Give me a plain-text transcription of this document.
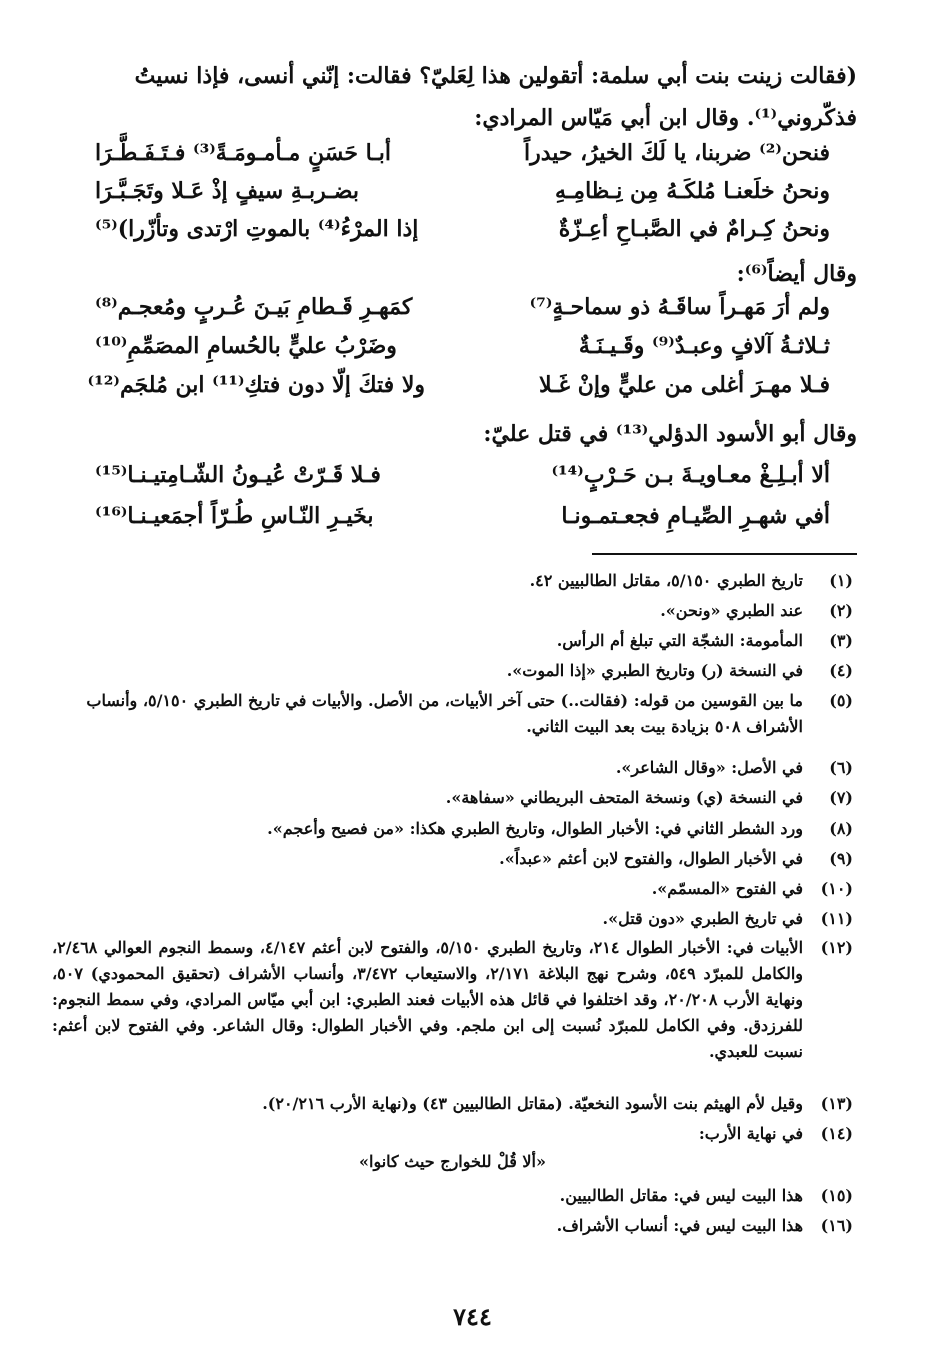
(فقالت زينت بنت أبي سلمة: أتقولين هذا لِعَليّ؟ فقالت: إنّني أنسى، فإذا نسيتُ
فذكّروني⁽¹⁾. وقال ابن أبي مَيّاس المرادي:
فنحن⁽²⁾ ضربنا، يا لَكَ الخيرُ، حيدراً
أبـا حَسَنٍ مـأمـومَـةً⁽³⁾ فـتَـفَـطَّـرَا
ونحنُ خلَعنـا مُلكَـهُ مِن نِـظامِـهِ
بضـربـةِ سيفٍ إذْ عَـلا وتَجَـبَّـرَا
ونحنُ كِـرامٌ في الصَّبـاحِ أعِـزّةٌ
إذا المرْءُ⁽⁴⁾ بالموتِ ارْتدى وتأزّرا)⁽⁵⁾
وقال أيضاً⁽⁶⁾:
ولم أرَ مَهـراً ساقَـهُ ذو سماحـةٍ⁽⁷⁾
كمَهـرِ قَـطامِ بَيـنَ عُـربٍ ومُعجـم⁽⁸⁾
ثـلاثـةُ آلافٍ وعبـدٌ⁽⁹⁾ وقَـيـنَـةٌ
وضَرْبُ عليٍّ بالحُسامِ المصَمِّمِ⁽¹⁰⁾
فـلا مهـرَ أغلى من عليٍّ وإنْ غَـلا
ولا فتكَ إلّا دون فتكِ⁽¹¹⁾ ابن مُلجَم⁽¹²⁾
وقال أبو الأسود الدؤلي⁽¹³⁾ في قتل عليّ:
ألا أبـلِـغْ معـاويـةَ بـن حَـرْبٍ⁽¹⁴⁾
فـلا قَـرّتْ عُيـونُ الشّـامِتيـنـا⁽¹⁵⁾
أفي شهـرِ الصِّيـامِ فجعـتمـونـا
بخَيـرِ النّـاسِ طُـرّاً أجمَعيـنـا⁽¹⁶⁾
(١)
تاريخ الطبري ٥/١٥٠، مقاتل الطالبيين ٤٢.
(٢)
عند الطبري «ونحن».
(٣)
المأمومة: الشجّة التي تبلغ أم الرأس.
(٤)
في النسخة (ر) وتاريخ الطبري «إذا الموت».
(٥)
ما بين القوسين من قوله: (فقالت..) حتى آخر الأبيات، من الأصل. والأبيات في تاريخ الطبري ٥/١٥٠، وأنساب الأشراف ٥٠٨ بزيادة بيت بعد البيت الثاني.
(٦)
في الأصل: «وقال الشاعر».
(٧)
في النسخة (ي) ونسخة المتحف البريطاني «سفاهة».
(٨)
ورد الشطر الثاني في: الأخبار الطوال، وتاريخ الطبري هكذا: «من فصيح وأعجم».
(٩)
في الأخبار الطوال، والفتوح لابن أعثم «عبداً».
(١٠)
في الفتوح «المسمّم».
(١١)
في تاريخ الطبري «دون قتل».
(١٢)
الأبيات في: الأخبار الطوال ٢١٤، وتاريخ الطبري ٥/١٥٠، والفتوح لابن أعثم ٤/١٤٧، وسمط النجوم العوالي ٢/٤٦٨، والكامل للمبرّد ٥٤٩، وشرح نهج البلاغة ٢/١٧١، والاستيعاب ٣/٤٧٢، وأنساب الأشراف (تحقيق المحمودي) ٥٠٧، ونهاية الأرب ٢٠/٢٠٨، وقد اختلفوا في قائل هذه الأبيات فعند الطبري: ابن أبي ميّاس المرادي، وفي سمط النجوم: للفرزدق. وفي الكامل للمبرّد نُسبت إلى ابن ملجم. وفي الأخبار الطوال: وقال الشاعر. وفي الفتوح لابن أعثم: نسبت للعبدي.
(١٣)
وقيل لأم الهيثم بنت الأسود النخعيّة. (مقاتل الطالبيين ٤٣) و(نهاية الأرب ٢٠/٢١٦).
(١٤)
في نهاية الأرب:
«ألا قُلْ للخوارج حيث كانوا»
(١٥)
هذا البيت ليس في: مقاتل الطالبيين.
(١٦)
هذا البيت ليس في: أنساب الأشراف.
٧٤٤
